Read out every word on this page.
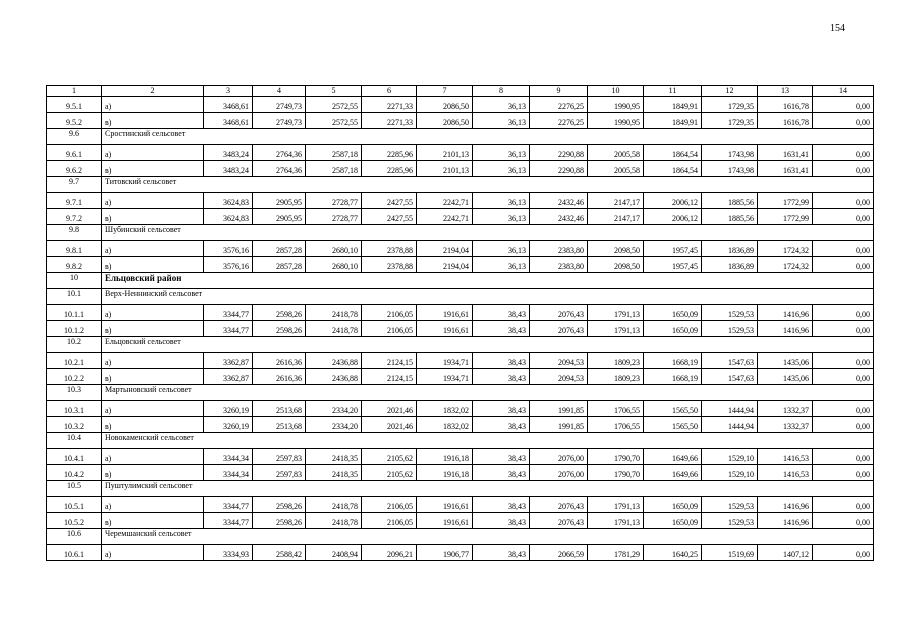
154
1	2	3	4	5	6	7	8	9	10	11	12	13	14
9.5.1	а)	3468,61	2749,73	2572,55	2271,33	2086,50	36,13	2276,25	1990,95	1849,91	1729,35	1616,78	0,00
9.5.2	в)	3468,61	2749,73	2572,55	2271,33	2086,50	36,13	2276,25	1990,95	1849,91	1729,35	1616,78	0,00
9.6	Сростинский сельсовет												
9.6.1	а)	3483,24	2764,36	2587,18	2285,96	2101,13	36,13	2290,88	2005,58	1864,54	1743,98	1631,41	0,00
9.6.2	в)	3483,24	2764,36	2587,18	2285,96	2101,13	36,13	2290,88	2005,58	1864,54	1743,98	1631,41	0,00
9.7	Титовский сельсовет												
9.7.1	а)	3624,83	2905,95	2728,77	2427,55	2242,71	36,13	2432,46	2147,17	2006,12	1885,56	1772,99	0,00
9.7.2	в)	3624,83	2905,95	2728,77	2427,55	2242,71	36,13	2432,46	2147,17	2006,12	1885,56	1772,99	0,00
9.8	Шубинский сельсовет												
9.8.1	а)	3576,16	2857,28	2680,10	2378,88	2194,04	36,13	2383,80	2098,50	1957,45	1836,89	1724,32	0,00
9.8.2	в)	3576,16	2857,28	2680,10	2378,88	2194,04	36,13	2383,80	2098,50	1957,45	1836,89	1724,32	0,00
10	Ельцовский район												
10.1	Верх-Неннинский сельсовет												
10.1.1	а)	3344,77	2598,26	2418,78	2106,05	1916,61	38,43	2076,43	1791,13	1650,09	1529,53	1416,96	0,00
10.1.2	в)	3344,77	2598,26	2418,78	2106,05	1916,61	38,43	2076,43	1791,13	1650,09	1529,53	1416,96	0,00
10.2	Ельцовский сельсовет												
10.2.1	а)	3362,87	2616,36	2436,88	2124,15	1934,71	38,43	2094,53	1809,23	1668,19	1547,63	1435,06	0,00
10.2.2	в)	3362,87	2616,36	2436,88	2124,15	1934,71	38,43	2094,53	1809,23	1668,19	1547,63	1435,06	0,00
10.3	Мартыновский сельсовет												
10.3.1	а)	3260,19	2513,68	2334,20	2021,46	1832,02	38,43	1991,85	1706,55	1565,50	1444,94	1332,37	0,00
10.3.2	в)	3260,19	2513,68	2334,20	2021,46	1832,02	38,43	1991,85	1706,55	1565,50	1444,94	1332,37	0,00
10.4	Новокаменский сельсовет												
10.4.1	а)	3344,34	2597,83	2418,35	2105,62	1916,18	38,43	2076,00	1790,70	1649,66	1529,10	1416,53	0,00
10.4.2	в)	3344,34	2597,83	2418,35	2105,62	1916,18	38,43	2076,00	1790,70	1649,66	1529,10	1416,53	0,00
10.5	Пуштулимский сельсовет												
10.5.1	а)	3344,77	2598,26	2418,78	2106,05	1916,61	38,43	2076,43	1791,13	1650,09	1529,53	1416,96	0,00
10.5.2	в)	3344,77	2598,26	2418,78	2106,05	1916,61	38,43	2076,43	1791,13	1650,09	1529,53	1416,96	0,00
10.6	Черемшанский сельсовет												
10.6.1	а)	3334,93	2588,42	2408,94	2096,21	1906,77	38,43	2066,59	1781,29	1640,25	1519,69	1407,12	0,00
